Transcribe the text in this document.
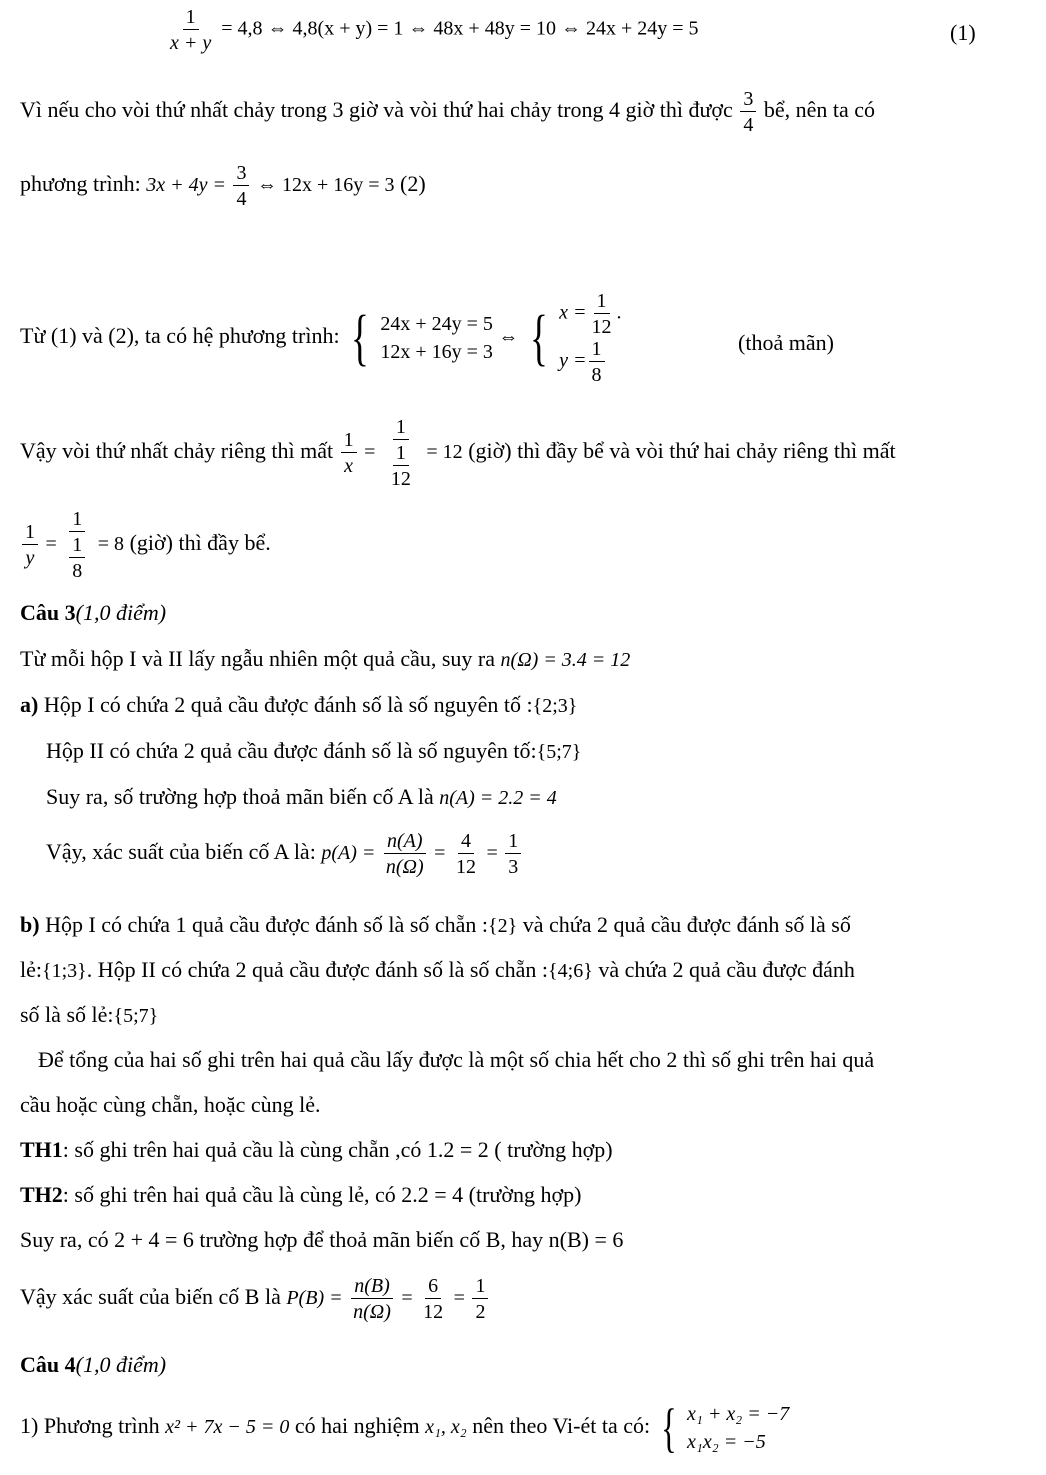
$\frac{1}{x + y} = 4,8$ ⇔ 4,8(x + y) = 1 ⇔ 48x + 48y = 10 ⇔ 24x + 24y = 5	(1)
Vì nếu cho vòi thứ nhất chảy trong 3 giờ và vòi thứ hai chảy trong 4 giờ thì được $\frac{3}{4}$ bể, nên ta có
phương trình: $3x + 4y = \frac{3}{4}$ ⇔ 12x + 16y = 3 (2)
Từ (1) và (2), ta có hệ phương trình: { 24x + 24y = 5
12x + 16y = 3
⇔ { $x = \frac{1}{12}$ .
$y = \frac{1}{8}$	(thoả mãn)
Vậy vòi thứ nhất chảy riêng thì mất $\frac{1}{x} = \frac{1}{\frac{1}{12}} = 12$ (giờ) thì đầy bể và vòi thứ hai chảy riêng thì mất
$\frac{1}{y} = \frac{1}{\frac{1}{8}} = 8$ (giờ) thì đầy bể.
Câu 3(1,0 điểm)
Từ mỗi hộp I và II lấy ngẫu nhiên một quả cầu, suy ra n(Ω) = 3.4 = 12
a) Hộp I có chứa 2 quả cầu được đánh số là số nguyên tố :{2;3}
Hộp II có chứa 2 quả cầu được đánh số là số nguyên tố:{5;7}
Suy ra, số trường hợp thoả mãn biến cố A là n(A) = 2.2 = 4
Vậy, xác suất của biến cố A là: $p(A) = \frac{n(A)}{n(\Omega)} = \frac{4}{12} = \frac{1}{3}$
b) Hộp I có chứa 1 quả cầu được đánh số là số chẵn :{2} và chứa 2 quả cầu được đánh số là số
lẻ:{1;3}. Hộp II có chứa 2 quả cầu được đánh số là số chẵn :{4;6} và chứa 2 quả cầu được đánh
số là số lẻ:{5;7}
Để tổng của hai số ghi trên hai quả cầu lấy được là một số chia hết cho 2 thì số ghi trên hai quả
cầu hoặc cùng chẵn, hoặc cùng lẻ.
TH1: số ghi trên hai quả cầu là cùng chẵn ,có 1.2 = 2 ( trường hợp)
TH2: số ghi trên hai quả cầu là cùng lẻ, có 2.2 = 4 (trường hợp)
Suy ra, có 2 + 4 = 6 trường hợp để thoả mãn biến cố B, hay n(B) = 6
Vậy xác suất của biến cố B là $P(B) = \frac{n(B)}{n(\Omega)} = \frac{6}{12} = \frac{1}{2}$
Câu 4(1,0 điểm)
1) Phương trình x² + 7x − 5 = 0 có hai nghiệm x₁, x₂ nên theo Vi-ét ta có: { x₁ + x₂ = −7
x₁x₂ = −5
